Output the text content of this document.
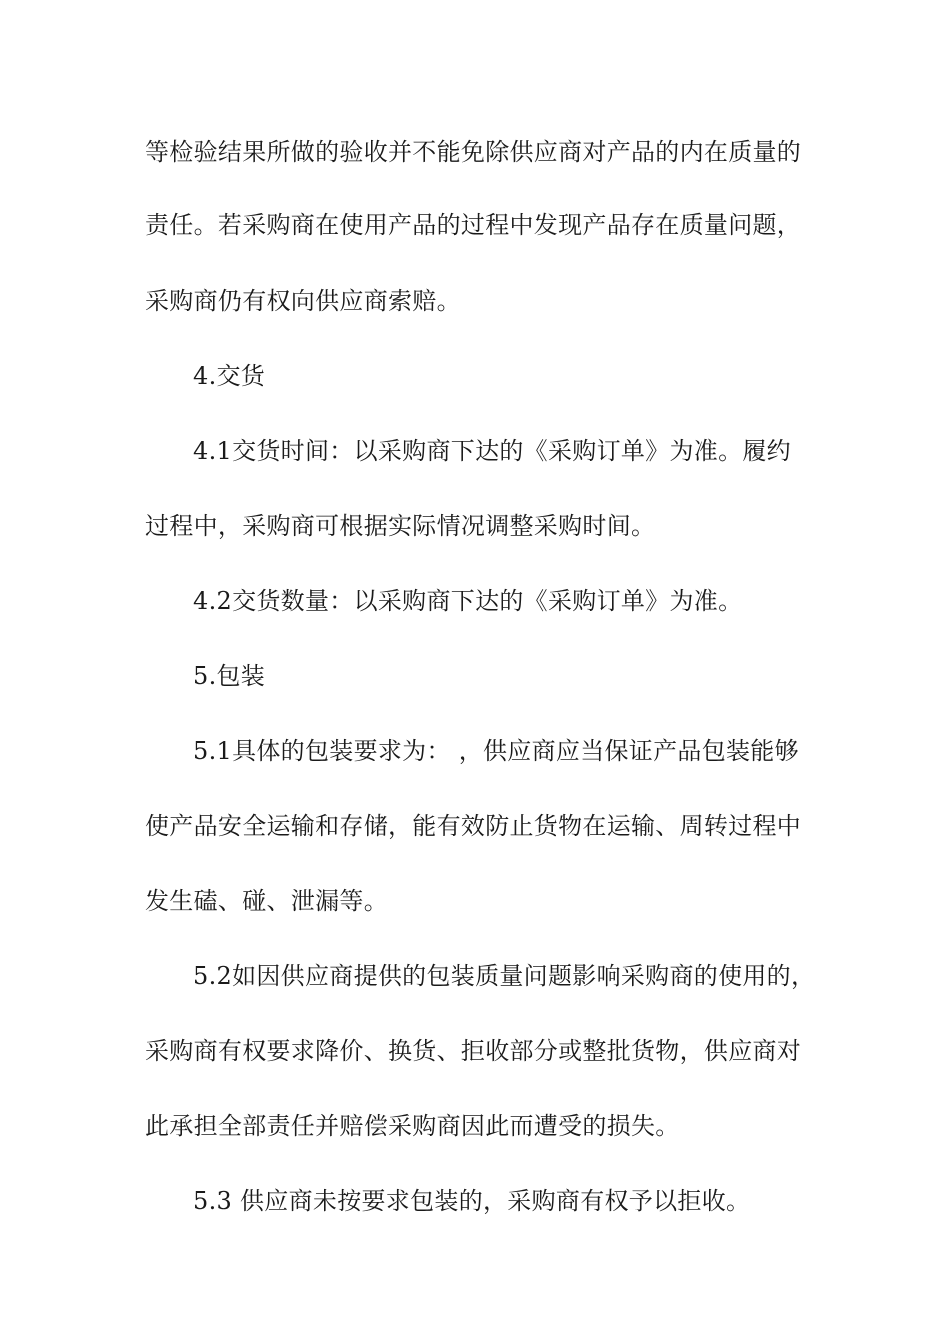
等检验结果所做的验收并不能免除供应商对产品的内在质量的
责任。若采购商在使用产品的过程中发现产品存在质量问题，
采购商仍有权向供应商索赔。
4.交货
4.1交货时间：以采购商下达的《采购订单》为准。履约
过程中，采购商可根据实际情况调整采购时间。
4.2交货数量：以采购商下达的《采购订单》为准。
5.包装
5.1具体的包装要求为： ，供应商应当保证产品包装能够
使产品安全运输和存储，能有效防止货物在运输、周转过程中
发生磕、碰、泄漏等。
5.2如因供应商提供的包装质量问题影响采购商的使用的，
采购商有权要求降价、换货、拒收部分或整批货物，供应商对
此承担全部责任并赔偿采购商因此而遭受的损失。
5.3 供应商未按要求包装的，采购商有权予以拒收。
